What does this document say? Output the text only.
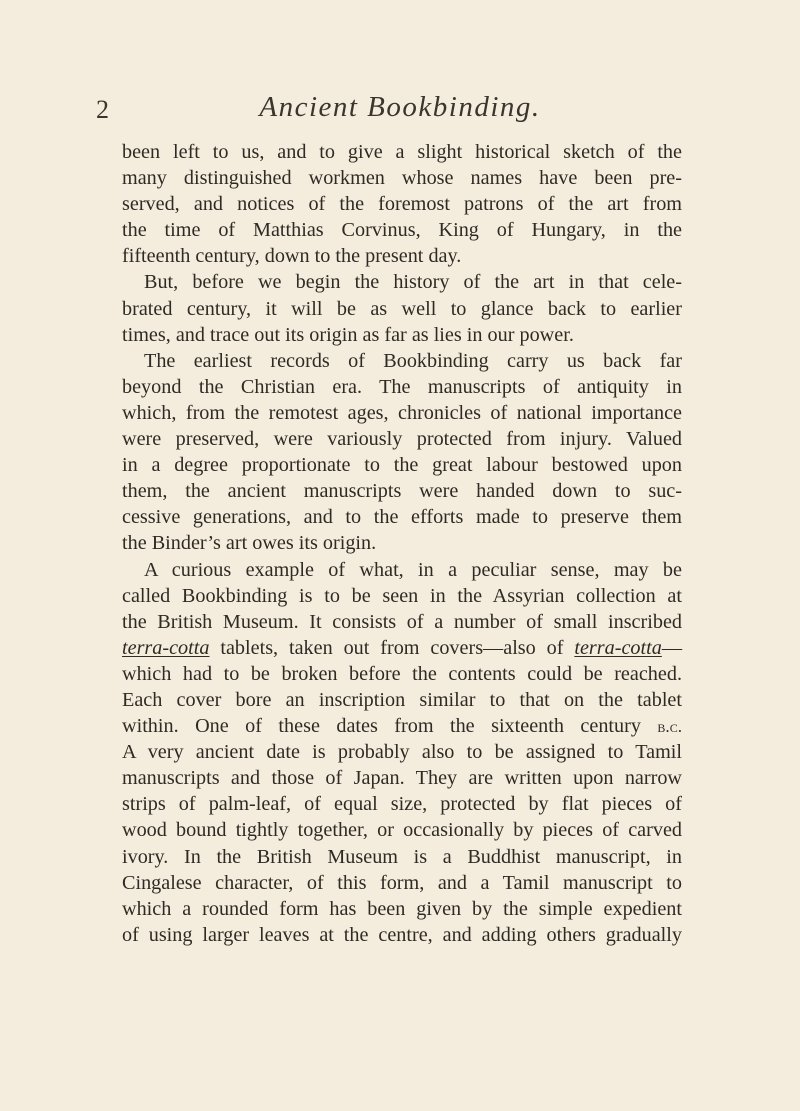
2	Ancient Bookbinding.
been left to us, and to give a slight historical sketch of the
many distinguished workmen whose names have been pre-
served, and notices of the foremost patrons of the art from
the time of Matthias Corvinus, King of Hungary, in the
fifteenth century, down to the present day.
But, before we begin the history of the art in that cele-
brated century, it will be as well to glance back to earlier
times, and trace out its origin as far as lies in our power.
The earliest records of Bookbinding carry us back far
beyond the Christian era. The manuscripts of antiquity in
which, from the remotest ages, chronicles of national importance
were preserved, were variously protected from injury. Valued
in a degree proportionate to the great labour bestowed upon
them, the ancient manuscripts were handed down to suc-
cessive generations, and to the efforts made to preserve them
the Binder’s art owes its origin.
A curious example of what, in a peculiar sense, may be
called Bookbinding is to be seen in the Assyrian collection at
the British Museum. It consists of a number of small inscribed
terra-cotta tablets, taken out from covers—also of terra-cotta—
which had to be broken before the contents could be reached.
Each cover bore an inscription similar to that on the tablet
within. One of these dates from the sixteenth century b.c.
A very ancient date is probably also to be assigned to Tamil
manuscripts and those of Japan. They are written upon narrow
strips of palm-leaf, of equal size, protected by flat pieces of
wood bound tightly together, or occasionally by pieces of carved
ivory. In the British Museum is a Buddhist manuscript, in
Cingalese character, of this form, and a Tamil manuscript to
which a rounded form has been given by the simple expedient
of using larger leaves at the centre, and adding others gradually
